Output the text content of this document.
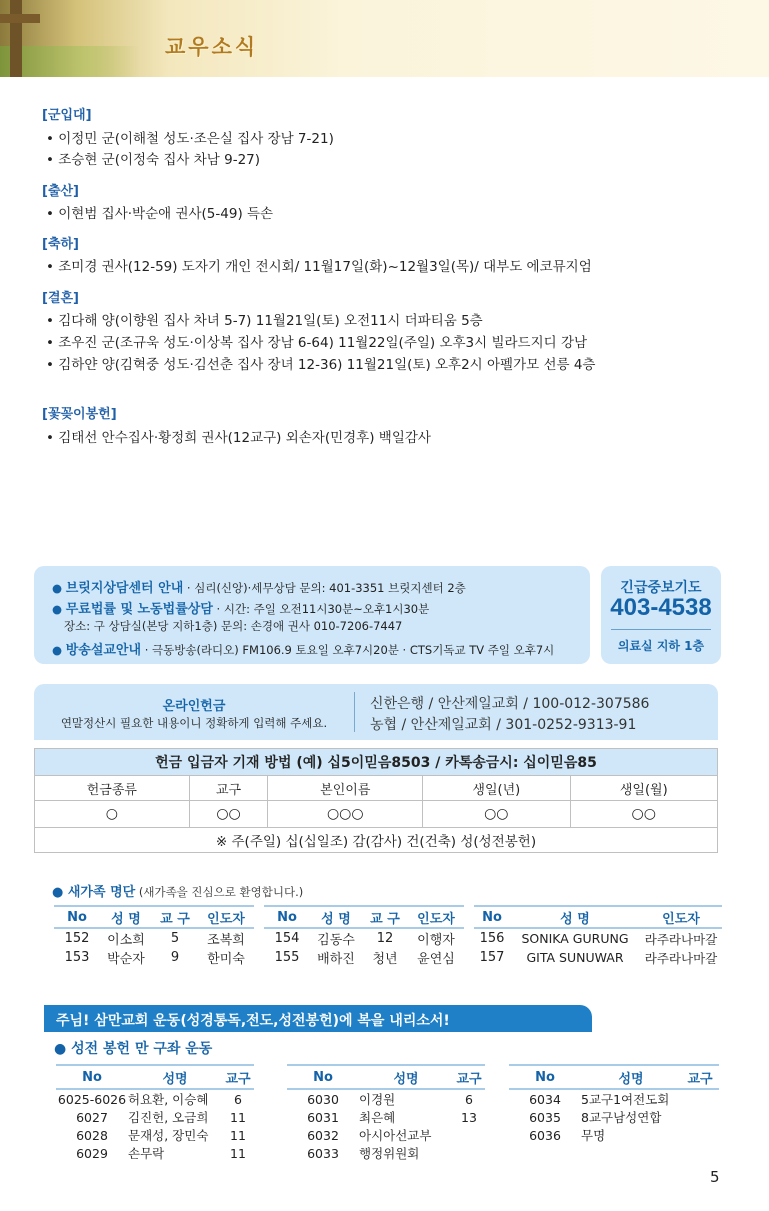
교우소식
[군입대]
• 이정민 군(이해철 성도·조은실 집사 장남 7-21)
• 조승현 군(이정숙 집사 차남 9-27)
[출산]
• 이현범 집사·박순애 권사(5-49) 득손
[축하]
• 조미경 권사(12-59) 도자기 개인 전시회/ 11월17일(화)~12월3일(목)/ 대부도 에코뮤지엄
[결혼]
• 김다해 양(이향원 집사 차녀 5-7) 11월21일(토) 오전11시 더파티움 5층
• 조우진 군(조규욱 성도·이상복 집사 장남 6-64) 11월22일(주일) 오후3시 빌라드지디 강남
• 김하얀 양(김혁중 성도·김선춘 집사 장녀 12-36) 11월21일(토) 오후2시 아펠가모 선릉 4층
[꽃꽂이봉헌]
• 김태선 안수집사·황정희 권사(12교구) 외손자(민경후) 백일감사
● 브릿지상담센터 안내 · 심리(신앙)·세무상담 문의: 401-3351 브릿지센터 2층
● 무료법률 및 노동법률상담 · 시간: 주일 오전11시30분~오후1시30분
장소: 구 상담실(본당 지하1층) 문의: 손경애 권사 010-7206-7447
● 방송설교안내 · 극동방송(라디오) FM106.9 토요일 오후7시20분 · CTS기독교 TV 주일 오후7시
긴급중보기도
403-4538
의료실 지하 1층
온라인헌금
연말정산시 필요한 내용이니 정확하게 입력해 주세요.
신한은행 / 안산제일교회 / 100-012-307586
농협 / 안산제일교회 / 301-0252-9313-91
헌금 입금자 기재 방법 (예) 십5이믿음8503 / 카톡송금시: 십이믿음85				
헌금종류	교구	본인이름	생일(년)	생일(월)
○	○○	○○○	○○	○○
※ 주(주일) 십(십일조) 감(감사) 건(건축) 성(성전봉헌)				
● 새가족 명단 (새가족을 진심으로 환영합니다.)
No	성 명	교 구	인도자
152	이소희	5	조복희
153	박순자	9	한미숙
No	성 명	교 구	인도자
154	김동수	12	이행자
155	배하진	청년	윤연심
No	성 명	인도자
156	SONIKA GURUNG	라주라나마갈
157	GITA SUNUWAR	라주라나마갈
주님! 삼만교회 운동(성경통독,전도,성전봉헌)에 복을 내리소서!
● 성전 봉헌 만 구좌 운동
No	성명	교구
6025-6026	허요환, 이승혜	6
6027	김진헌, 오금희	11
6028	문재성, 장민숙	11
6029	손무락	11
No	성명	교구
6030	이경원	6
6031	최은혜	13
6032	아시아선교부	
6033	행정위원회	
No	성명	교구
6034	5교구1여전도회	
6035	8교구남성연합	
6036	무명	
5
